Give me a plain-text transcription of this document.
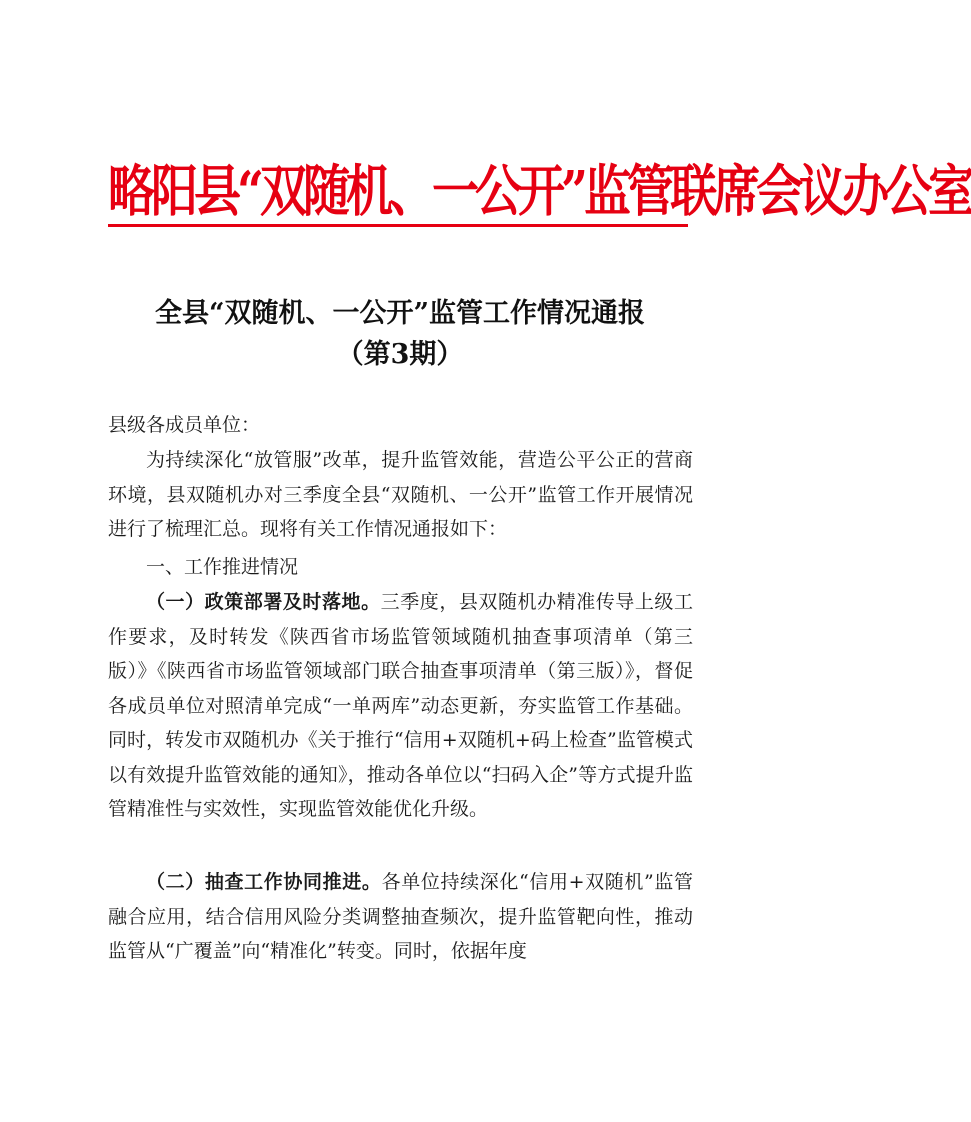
略阳县“双随机、一公开”监管联席会议办公室
全县“双随机、一公开”监管工作情况通报
（第3期）
县级各成员单位：

为持续深化“放管服”改革，提升监管效能，营造公平公正的营商环境，县双随机办对三季度全县“双随机、一公开”监管工作开展情况进行了梳理汇总。现将有关工作情况通报如下：

一、工作推进情况

（一）政策部署及时落地。三季度，县双随机办精准传导上级工作要求，及时转发《陕西省市场监管领域随机抽查事项清单（第三版）》《陕西省市场监管领域部门联合抽查事项清单（第三版）》，督促各成员单位对照清单完成“一单两库”动态更新，夯实监管工作基础。同时，转发市双随机办《关于推行“信用+双随机+码上检查”监管模式以有效提升监管效能的通知》，推动各单位以“扫码入企”等方式提升监管精准性与实效性，实现监管效能优化升级。

（二）抽查工作协同推进。各单位持续深化“信用+双随机”监管融合应用，结合信用风险分类调整抽查频次，提升监管靶向性，推动监管从“广覆盖”向“精准化”转变。同时，依据年度
